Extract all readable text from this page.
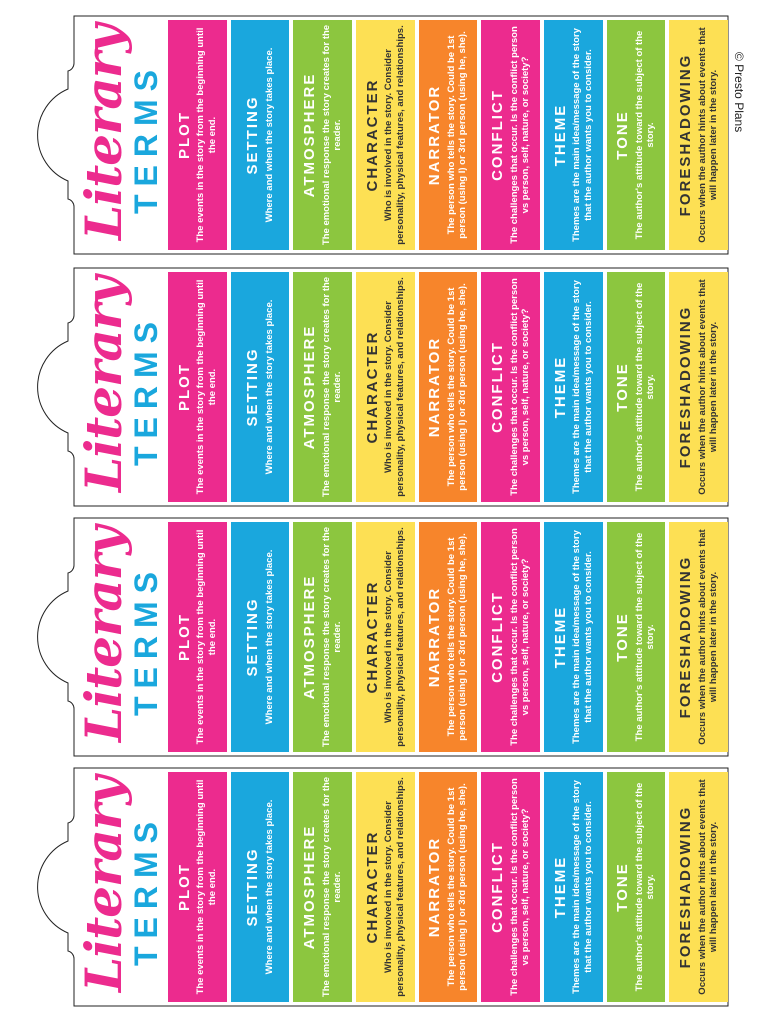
Literary
TERMS PLOT The events in the story from the beginning until the end. SETTING Where and when the story takes place. ATMOSPHERE The emotional response the story creates for the reader. CHARACTER Who is involved in the story. Consider personality, physical features, and relationships. NARRATOR The person who tells the story. Could be 1st person (using I) or 3rd person (using he, she). CONFLICT The challenges that occur. Is the conflict person vs person, self, nature, or society? THEME Themes are the main idea/message of the story that the author wants you to consider. TONE The author's attitude toward the subject of the story. FORESHADOWING Occurs when the author hints about events that will happen later in the story.
Literary
TERMS PLOT The events in the story from the beginning until the end. SETTING Where and when the story takes place. ATMOSPHERE The emotional response the story creates for the reader. CHARACTER Who is involved in the story. Consider personality, physical features, and relationships. NARRATOR The person who tells the story. Could be 1st person (using I) or 3rd person (using he, she). CONFLICT The challenges that occur. Is the conflict person vs person, self, nature, or society? THEME Themes are the main idea/message of the story that the author wants you to consider. TONE The author's attitude toward the subject of the story. FORESHADOWING Occurs when the author hints about events that will happen later in the story.
Literary
TERMS PLOT The events in the story from the beginning until the end. SETTING Where and when the story takes place. ATMOSPHERE The emotional response the story creates for the reader. CHARACTER Who is involved in the story. Consider personality, physical features, and relationships. NARRATOR The person who tells the story. Could be 1st person (using I) or 3rd person (using he, she). CONFLICT The challenges that occur. Is the conflict person vs person, self, nature, or society? THEME Themes are the main idea/message of the story that the author wants you to consider. TONE The author's attitude toward the subject of the story. FORESHADOWING Occurs when the author hints about events that will happen later in the story.
Literary
TERMS PLOT The events in the story from the beginning until the end. SETTING Where and when the story takes place. ATMOSPHERE The emotional response the story creates for the reader. CHARACTER Who is involved in the story. Consider personality, physical features, and relationships. NARRATOR The person who tells the story. Could be 1st person (using I) or 3rd person (using he, she). CONFLICT The challenges that occur. Is the conflict person vs person, self, nature, or society? THEME Themes are the main idea/message of the story that the author wants you to consider. TONE The author's attitude toward the subject of the story. FORESHADOWING Occurs when the author hints about events that will happen later in the story.
© Presto Plans
